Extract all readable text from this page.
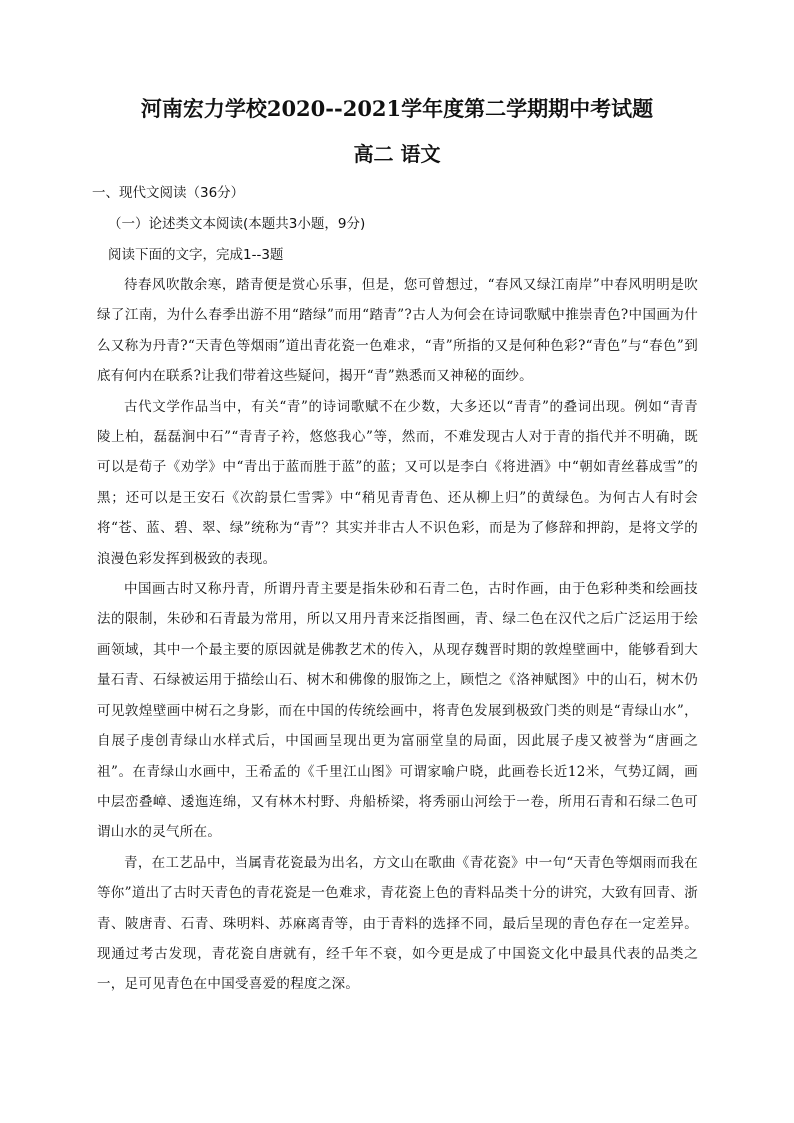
河南宏力学校2020--2021学年度第二学期期中考试题
高二 语文
一、现代文阅读（36分）
（一）论述类文本阅读(本题共3小题，9分)
阅读下面的文字，完成1--3题

待春风吹散余寒，踏青便是赏心乐事，但是，您可曾想过，“春风又绿江南岸”中春风明明是吹绿了江南，为什么春季出游不用“踏绿”而用“踏青”?古人为何会在诗词歌赋中推崇青色?中国画为什么又称为丹青?“天青色等烟雨”道出青花瓷一色难求，“青”所指的又是何种色彩?“青色”与“春色”到底有何内在联系?让我们带着这些疑问，揭开“青”熟悉而又神秘的面纱。

古代文学作品当中，有关“青”的诗词歌赋不在少数，大多还以“青青”的叠词出现。例如“青青陵上柏，磊磊涧中石”“青青子衿，悠悠我心”等，然而，不难发现古人对于青的指代并不明确，既可以是荀子《劝学》中“青出于蓝而胜于蓝”的蓝；又可以是李白《将进酒》中“朝如青丝暮成雪”的黑；还可以是王安石《次韵景仁雪霁》中“稍见青青色、还从柳上归”的黄绿色。为何古人有时会将“苍、蓝、碧、翠、绿”统称为“青”？其实并非古人不识色彩，而是为了修辞和押韵，是将文学的浪漫色彩发挥到极致的表现。

中国画古时又称丹青，所谓丹青主要是指朱砂和石青二色，古时作画，由于色彩种类和绘画技法的限制，朱砂和石青最为常用，所以又用丹青来泛指图画，青、绿二色在汉代之后广泛运用于绘画领域，其中一个最主要的原因就是佛教艺术的传入，从现存魏晋时期的敦煌壁画中，能够看到大量石青、石绿被运用于描绘山石、树木和佛像的服饰之上，顾恺之《洛神赋图》中的山石，树木仍可见敦煌壁画中树石之身影，而在中国的传统绘画中，将青色发展到极致门类的则是“青绿山水”，自展子虔创青绿山水样式后，中国画呈现出更为富丽堂皇的局面，因此展子虔又被誉为“唐画之祖”。在青绿山水画中，王希孟的《千里江山图》可谓家喻户晓，此画卷长近12米，气势辽阔，画中层峦叠嶂、逶迤连绵，又有林木村野、舟船桥梁，将秀丽山河绘于一卷，所用石青和石绿二色可谓山水的灵气所在。

青，在工艺品中，当属青花瓷最为出名，方文山在歌曲《青花瓷》中一句“天青色等烟雨而我在等你”道出了古时天青色的青花瓷是一色难求，青花瓷上色的青料品类十分的讲究，大致有回青、浙青、陂唐青、石青、珠明料、苏麻离青等，由于青料的选择不同，最后呈现的青色存在一定差异。现通过考古发现，青花瓷自唐就有，经千年不衰，如今更是成了中国瓷文化中最具代表的品类之一，足可见青色在中国受喜爱的程度之深。
